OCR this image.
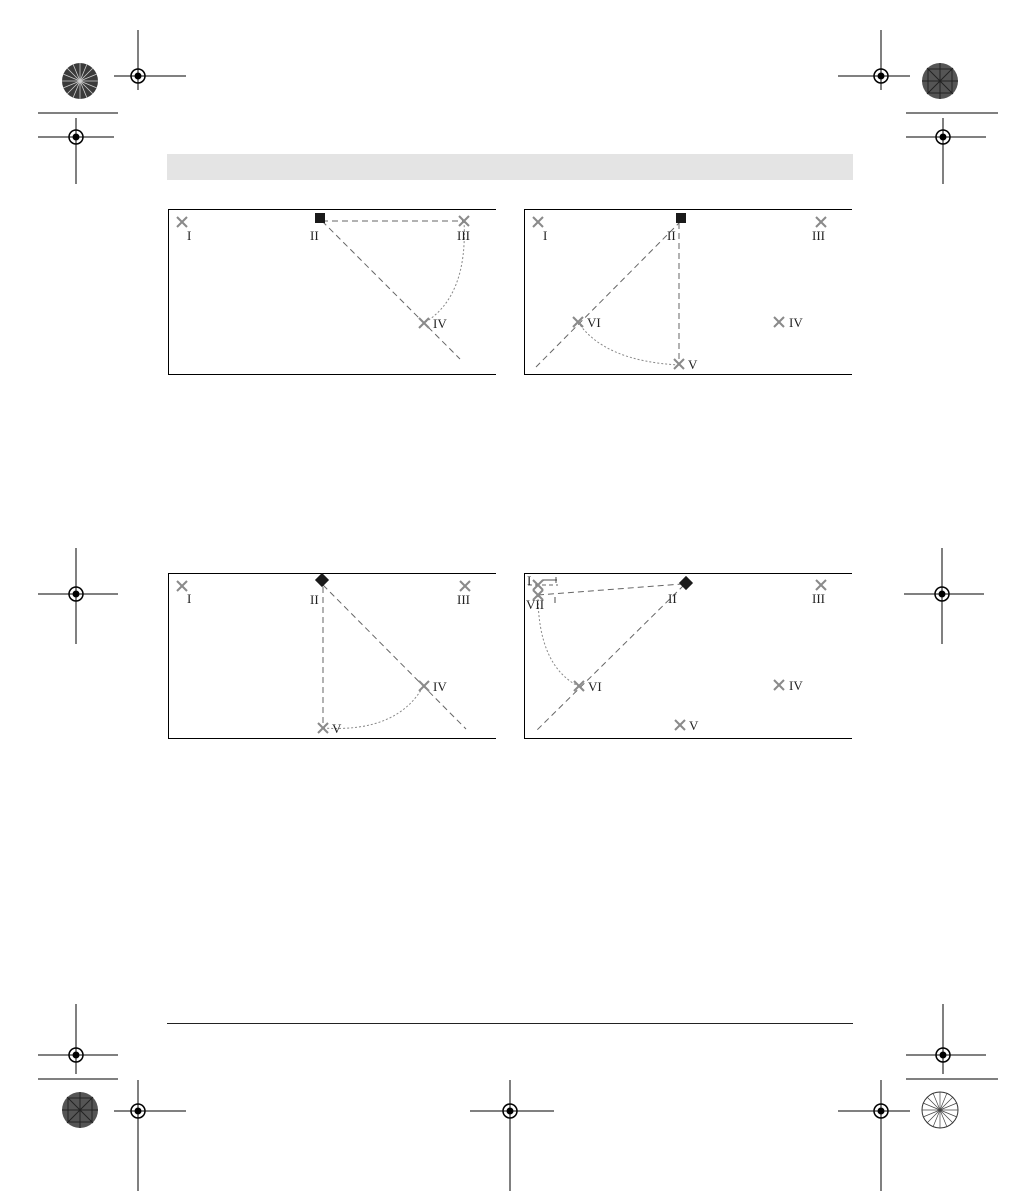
I	II	III
IV
I	II	III
VI	IV
V
I	II	III
IV
V
I
VII	II	III
VI	IV
V
